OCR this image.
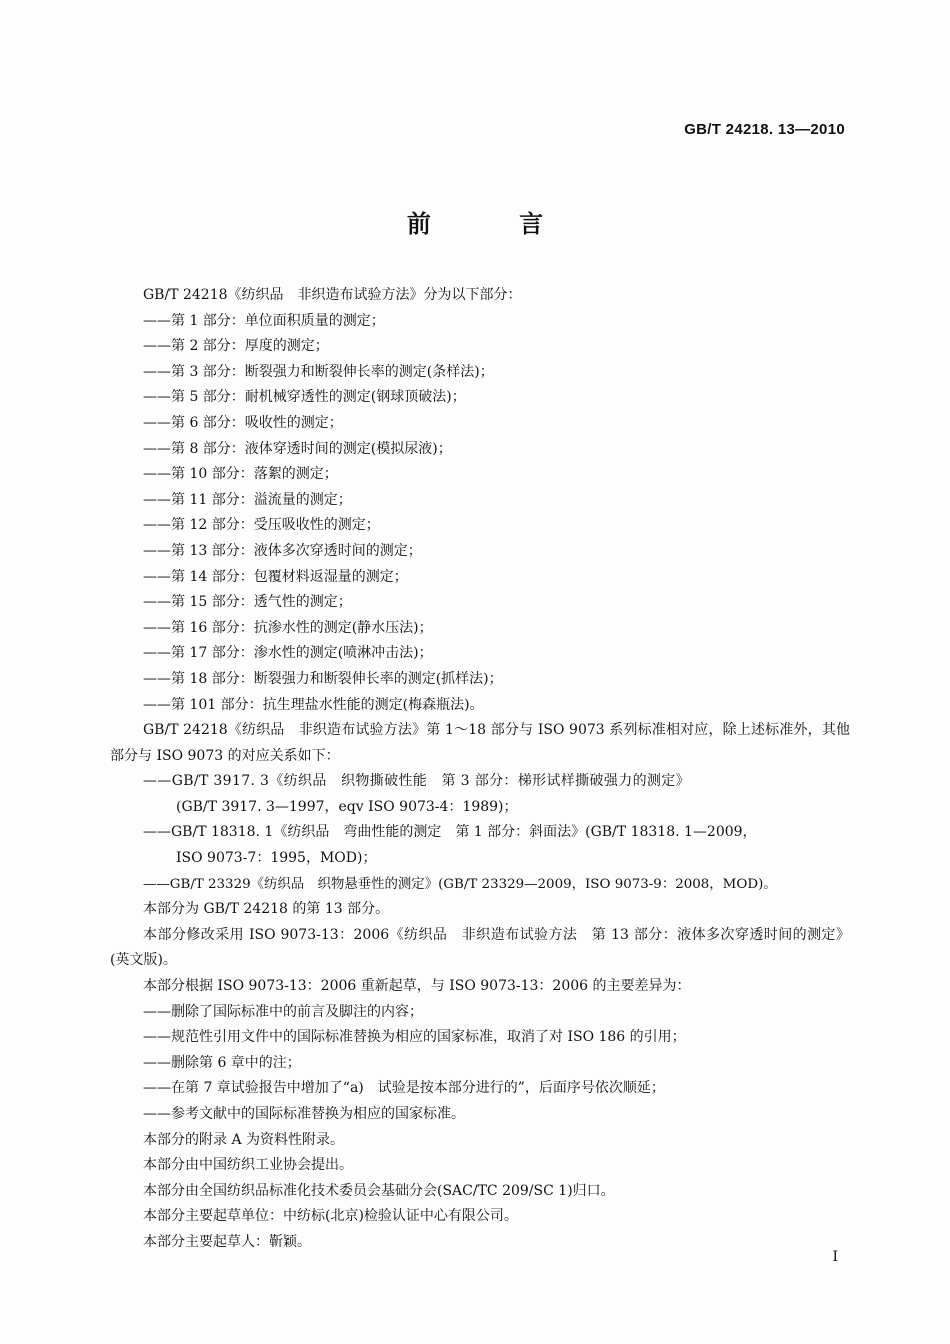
GB/T 24218. 13—2010
前 言
GB/T 24218《纺织品　非织造布试验方法》分为以下部分：
——第 1 部分：单位面积质量的测定；
——第 2 部分：厚度的测定；
——第 3 部分：断裂强力和断裂伸长率的测定(条样法)；
——第 5 部分：耐机械穿透性的测定(钢球顶破法)；
——第 6 部分：吸收性的测定；
——第 8 部分：液体穿透时间的测定(模拟尿液)；
——第 10 部分：落絮的测定；
——第 11 部分：溢流量的测定；
——第 12 部分：受压吸收性的测定；
——第 13 部分：液体多次穿透时间的测定；
——第 14 部分：包覆材料返湿量的测定；
——第 15 部分：透气性的测定；
——第 16 部分：抗渗水性的测定(静水压法)；
——第 17 部分：渗水性的测定(喷淋冲击法)；
——第 18 部分：断裂强力和断裂伸长率的测定(抓样法)；
——第 101 部分：抗生理盐水性能的测定(梅森瓶法)。
GB/T 24218《纺织品　非织造布试验方法》第 1～18 部分与 ISO 9073 系列标准相对应，除上述标准外，其他部分与 ISO 9073 的对应关系如下：
——GB/T 3917. 3《纺织品　织物撕破性能　第 3 部分：梯形试样撕破强力的测定》
(GB/T 3917. 3—1997，eqv ISO 9073-4：1989)；
——GB/T 18318. 1《纺织品　弯曲性能的测定　第 1 部分：斜面法》(GB/T 18318. 1—2009，
ISO 9073-7：1995，MOD)；
——GB/T 23329《纺织品　织物悬垂性的测定》(GB/T 23329—2009，ISO 9073-9：2008，MOD)。
本部分为 GB/T 24218 的第 13 部分。
本部分修改采用 ISO 9073-13：2006《纺织品　非织造布试验方法　第 13 部分：液体多次穿透时间的测定》(英文版)。
本部分根据 ISO 9073-13：2006 重新起草，与 ISO 9073-13：2006 的主要差异为：
——删除了国际标准中的前言及脚注的内容；
——规范性引用文件中的国际标准替换为相应的国家标准，取消了对 ISO 186 的引用；
——删除第 6 章中的注；
——在第 7 章试验报告中增加了“a)　试验是按本部分进行的”，后面序号依次顺延；
——参考文献中的国际标准替换为相应的国家标准。
本部分的附录 A 为资料性附录。
本部分由中国纺织工业协会提出。
本部分由全国纺织品标准化技术委员会基础分会(SAC/TC 209/SC 1)归口。
本部分主要起草单位：中纺标(北京)检验认证中心有限公司。
本部分主要起草人：靳颖。
I
